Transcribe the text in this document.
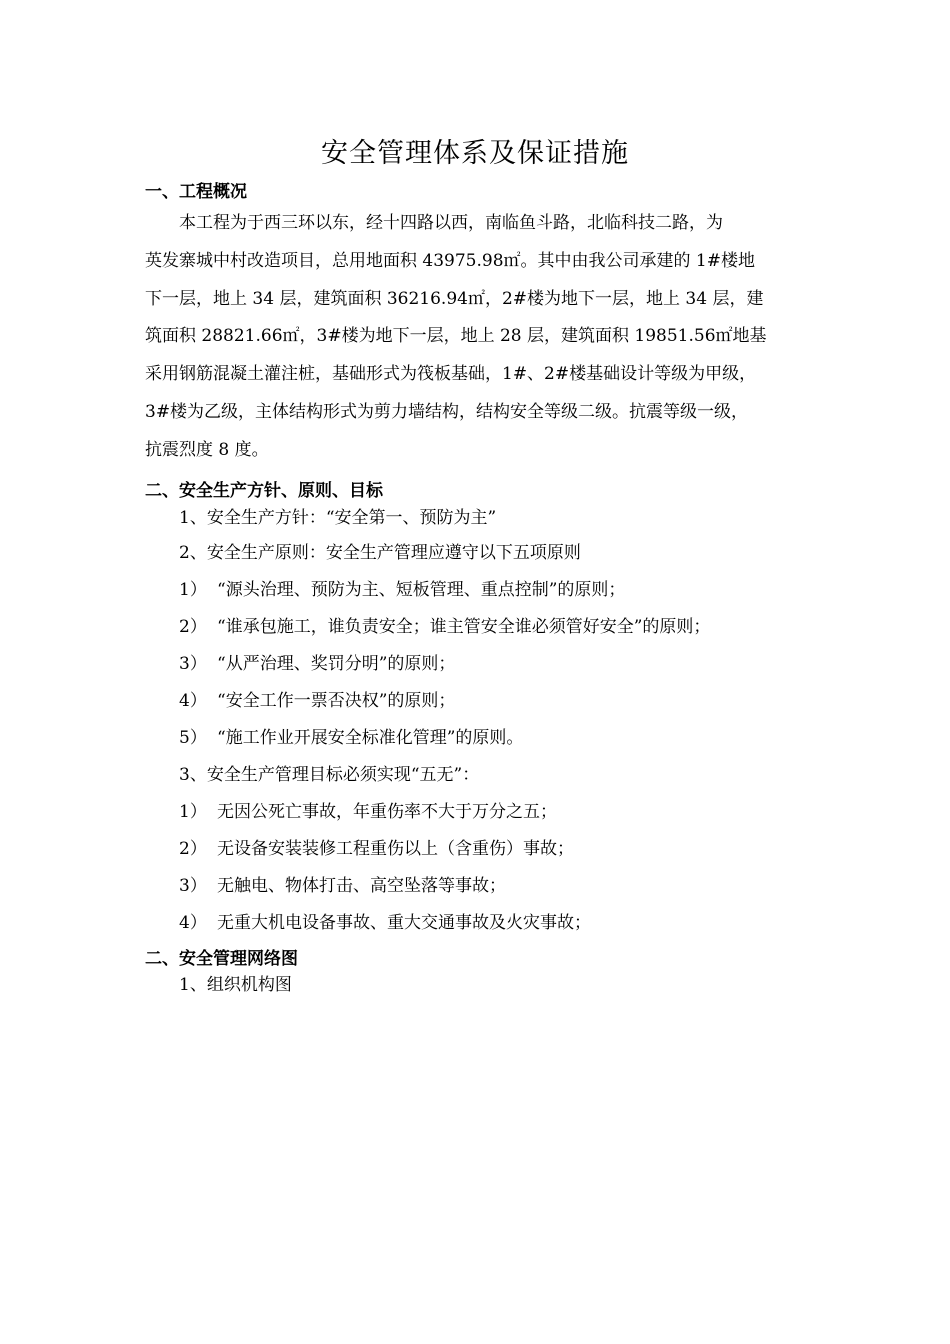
安全管理体系及保证措施
一、工程概况
本工程为于西三环以东，经十四路以西，南临鱼斗路，北临科技二路，为
英发寨城中村改造项目，总用地面积 43975.98㎡。其中由我公司承建的 1#楼地
下一层，地上 34 层，建筑面积 36216.94㎡，2#楼为地下一层，地上 34 层，建
筑面积 28821.66㎡，3#楼为地下一层，地上 28 层，建筑面积 19851.56㎡地基
采用钢筋混凝土灌注桩，基础形式为筏板基础，1#、2#楼基础设计等级为甲级，
3#楼为乙级，主体结构形式为剪力墙结构，结构安全等级二级。抗震等级一级，
抗震烈度 8 度。
二、安全生产方针、原则、目标

1、安全生产方针：“安全第一、预防为主”

2、安全生产原则：安全生产管理应遵守以下五项原则

1） “源头治理、预防为主、短板管理、重点控制”的原则；

2） “谁承包施工，谁负责安全；谁主管安全谁必须管好安全”的原则；

3） “从严治理、奖罚分明”的原则；

4） “安全工作一票否决权”的原则；

5） “施工作业开展安全标准化管理”的原则。

3、安全生产管理目标必须实现“五无”：

1） 无因公死亡事故，年重伤率不大于万分之五；

2） 无设备安装装修工程重伤以上（含重伤）事故；

3） 无触电、物体打击、高空坠落等事故；

4） 无重大机电设备事故、重大交通事故及火灾事故；

二、安全管理网络图

1、组织机构图
